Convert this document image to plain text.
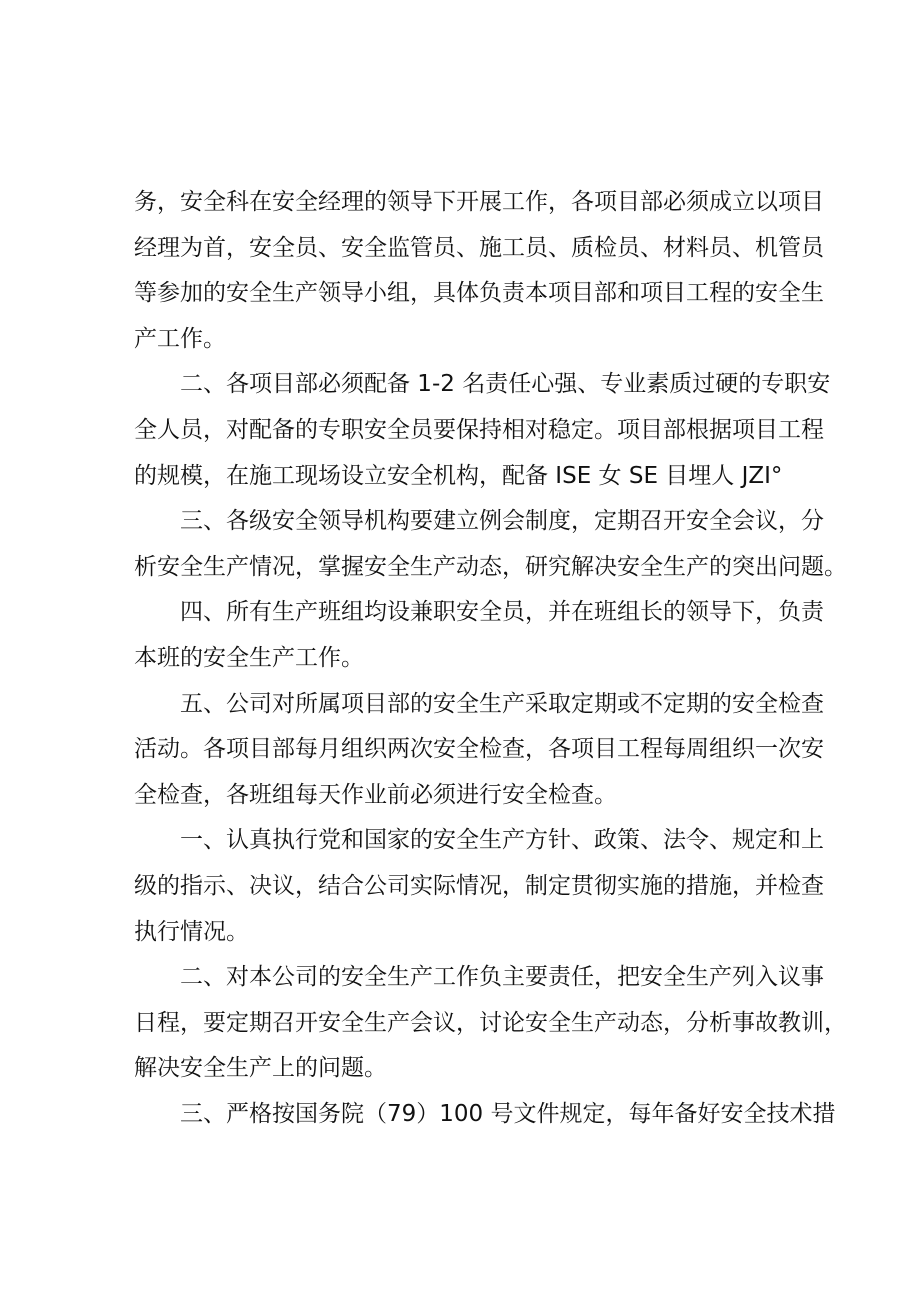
务，安全科在安全经理的领导下开展工作，各项目部必须成立以项目
经理为首，安全员、安全监管员、施工员、质检员、材料员、机管员
等参加的安全生产领导小组，具体负责本项目部和项目工程的安全生
产工作。
二、各项目部必须配备 1-2 名责任心强、专业素质过硬的专职安
全人员，对配备的专职安全员要保持相对稳定。项目部根据项目工程
的规模，在施工现场设立安全机构，配备 ISE 女 SE 目埋人 JZI°
三、各级安全领导机构要建立例会制度，定期召开安全会议，分
析安全生产情况，掌握安全生产动态，研究解决安全生产的突出问题。
四、所有生产班组均设兼职安全员，并在班组长的领导下，负责
本班的安全生产工作。
五、公司对所属项目部的安全生产采取定期或不定期的安全检查
活动。各项目部每月组织两次安全检查，各项目工程每周组织一次安
全检查，各班组每天作业前必须进行安全检查。
一、认真执行党和国家的安全生产方针、政策、法令、规定和上
级的指示、决议，结合公司实际情况，制定贯彻实施的措施，并检查
执行情况。
二、对本公司的安全生产工作负主要责任，把安全生产列入议事
日程，要定期召开安全生产会议，讨论安全生产动态，分析事故教训，
解决安全生产上的问题。
三、严格按国务院（79）100 号文件规定，每年备好安全技术措
